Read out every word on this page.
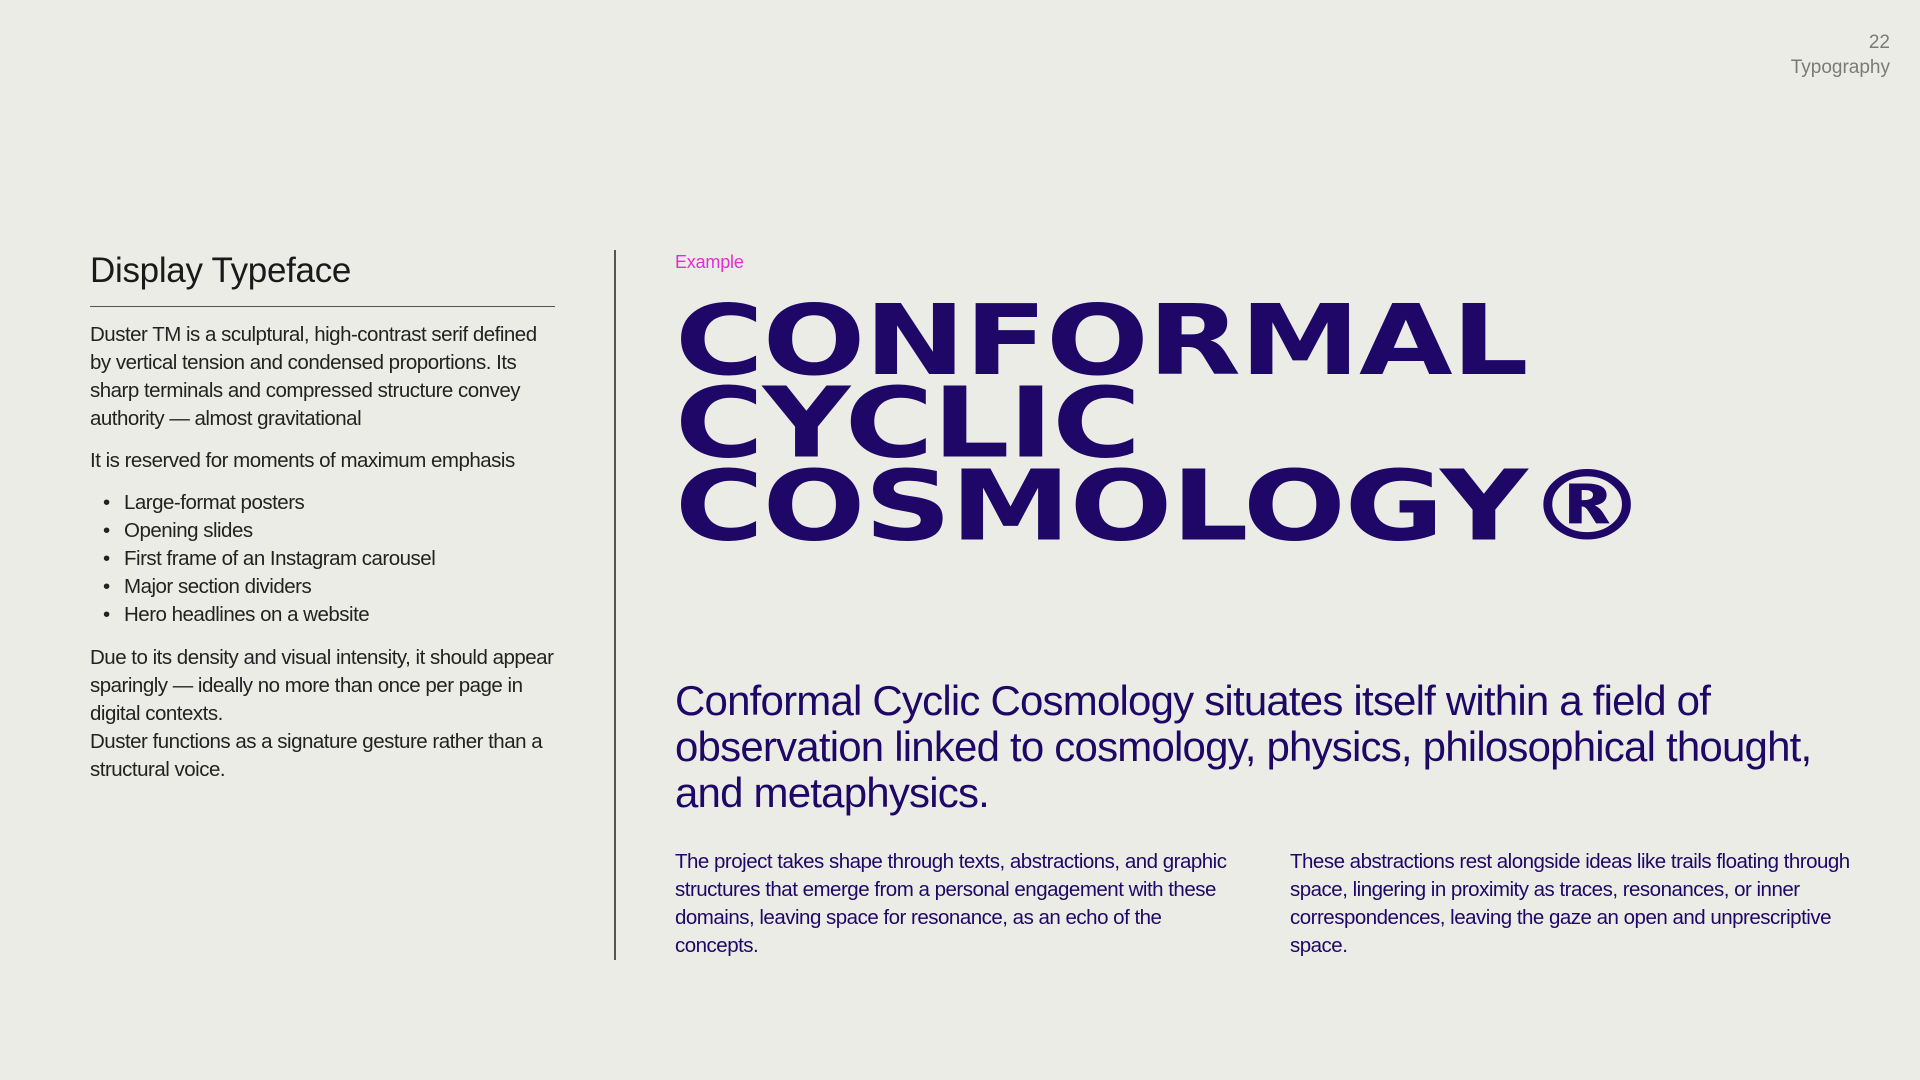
22
Typography
Display Typeface

Duster TM is a sculptural, high-contrast serif defined by vertical tension and condensed proportions. Its sharp terminals and compressed structure convey authority — almost gravitational

It is reserved for moments of maximum emphasis

• Large-format posters
• Opening slides
• First frame of an Instagram carousel
• Major section dividers
• Hero headlines on a website

Due to its density and visual intensity, it should appear sparingly — ideally no more than once per page in digital contexts.
Duster functions as a signature gesture rather than a structural voice.

Example

CONFORMAL
CYCLIC
COSMOLOGY®

Conformal Cyclic Cosmology situates itself within a field of observation linked to cosmology, physics, philosophical thought, and metaphysics.

The project takes shape through texts, abstractions, and graphic structures that emerge from a personal engagement with these domains, leaving space for resonance, as an echo of the concepts.

These abstractions rest alongside ideas like trails floating through space, lingering in proximity as traces, resonances, or inner correspondences, leaving the gaze an open and unprescriptive space.
